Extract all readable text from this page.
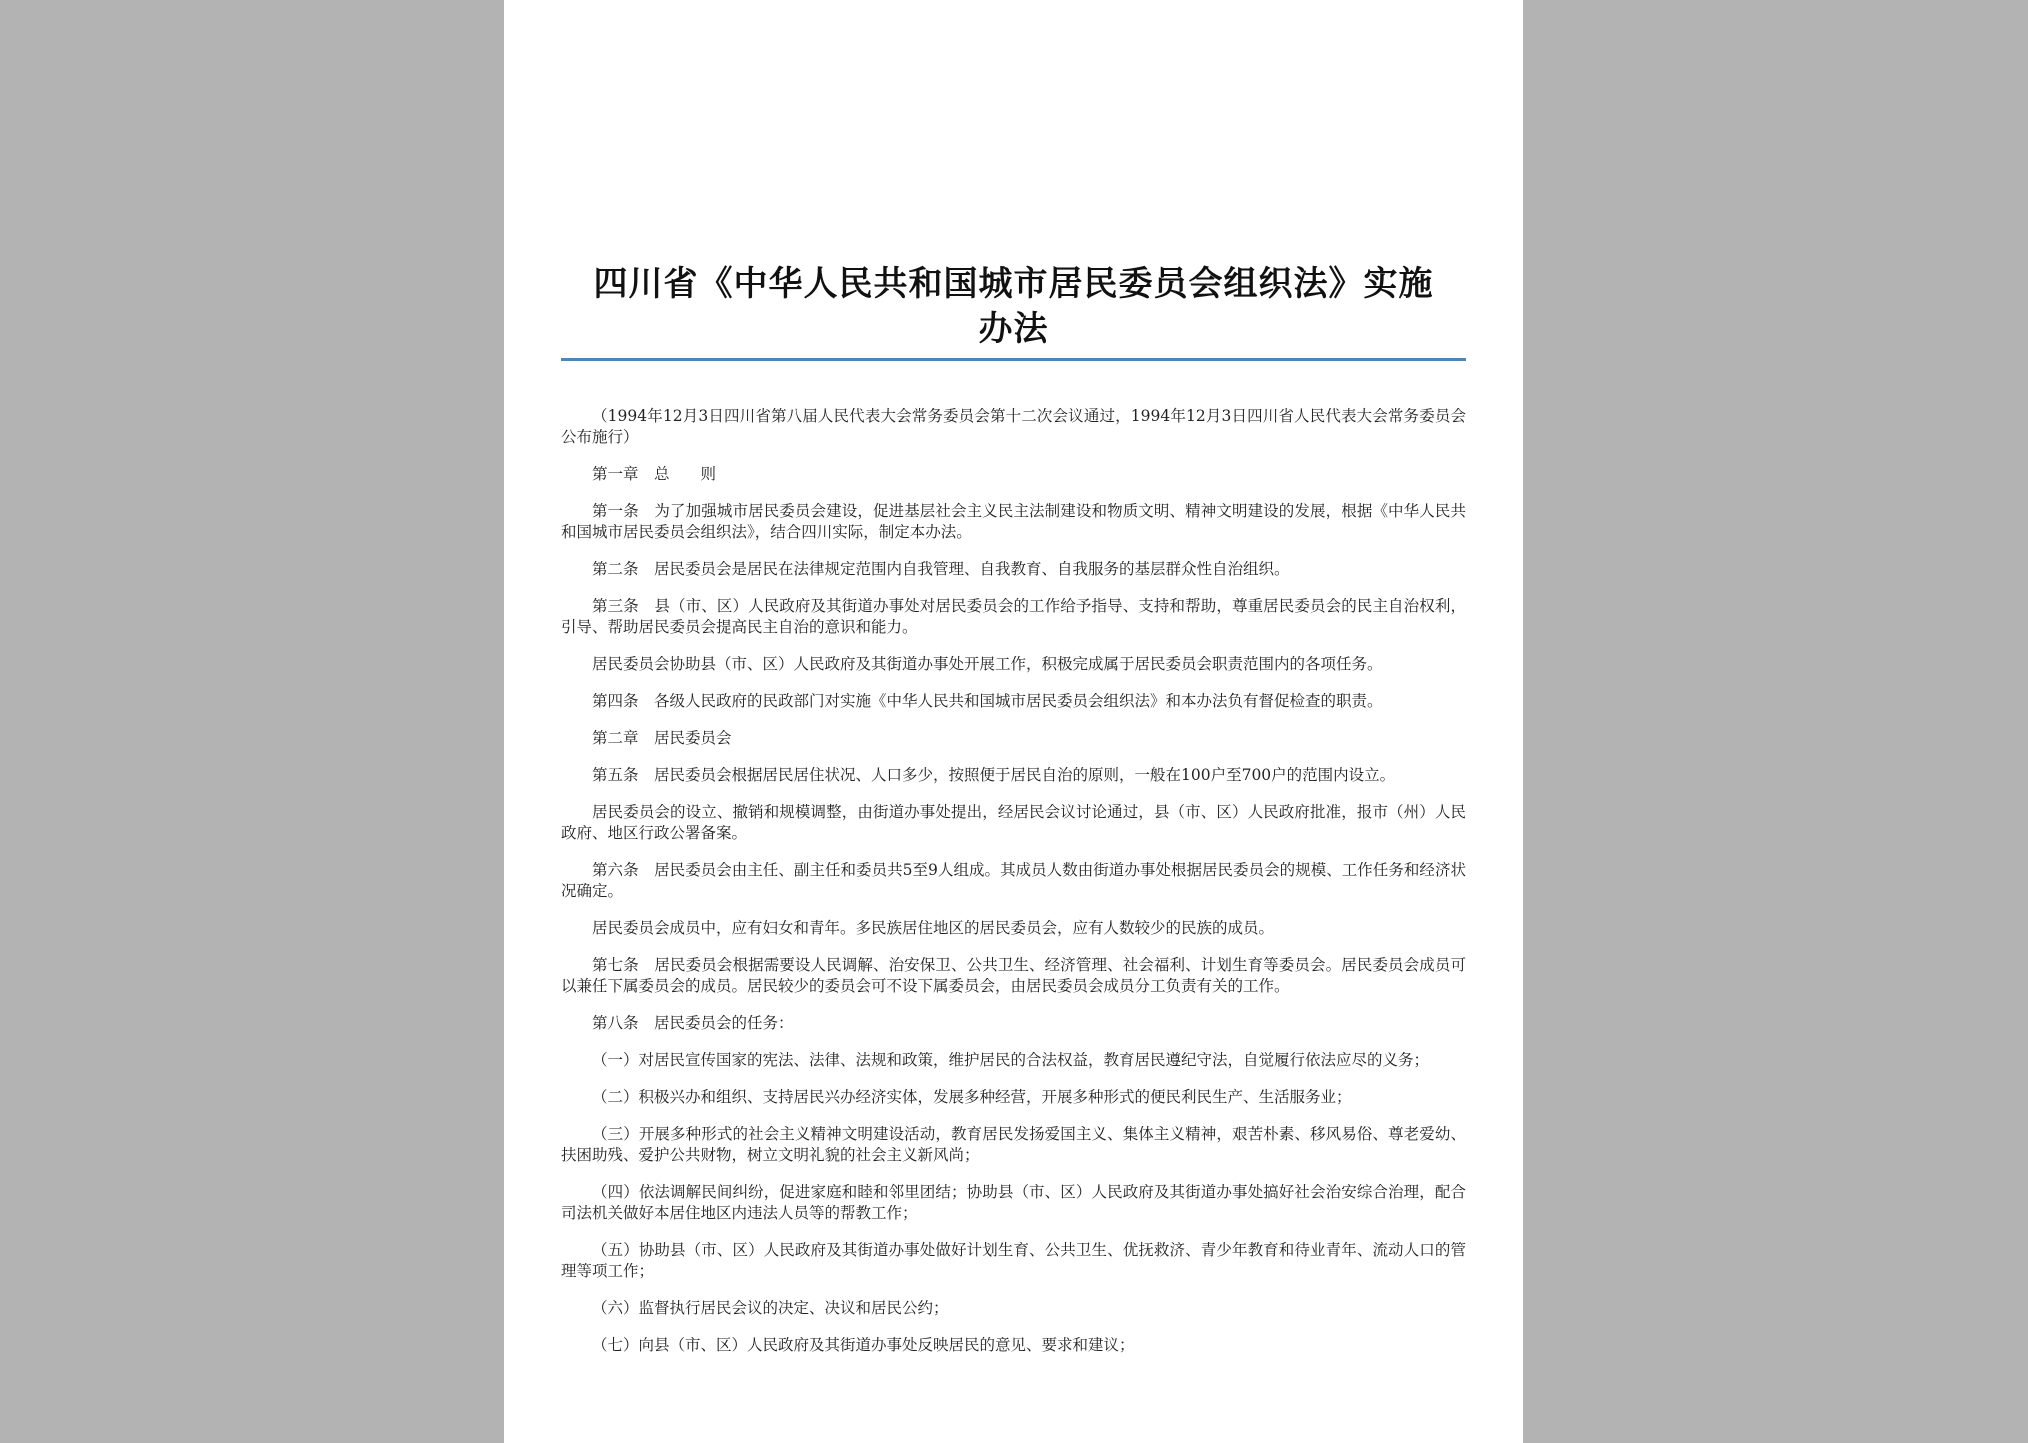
四川省《中华人民共和国城市居民委员会组织法》实施
办法

（1994年12月3日四川省第八届人民代表大会常务委员会第十二次会议通过，1994年12月3日四川省人民代表大会常务委员会公布施行）

第一章　总　　则

第一条　为了加强城市居民委员会建设，促进基层社会主义民主法制建设和物质文明、精神文明建设的发展，根据《中华人民共和国城市居民委员会组织法》，结合四川实际，制定本办法。

第二条　居民委员会是居民在法律规定范围内自我管理、自我教育、自我服务的基层群众性自治组织。

第三条　县（市、区）人民政府及其街道办事处对居民委员会的工作给予指导、支持和帮助，尊重居民委员会的民主自治权利，引导、帮助居民委员会提高民主自治的意识和能力。

居民委员会协助县（市、区）人民政府及其街道办事处开展工作，积极完成属于居民委员会职责范围内的各项任务。

第四条　各级人民政府的民政部门对实施《中华人民共和国城市居民委员会组织法》和本办法负有督促检查的职责。

第二章　居民委员会

第五条　居民委员会根据居民居住状况、人口多少，按照便于居民自治的原则，一般在100户至700户的范围内设立。

居民委员会的设立、撤销和规模调整，由街道办事处提出，经居民会议讨论通过，县（市、区）人民政府批准，报市（州）人民政府、地区行政公署备案。

第六条　居民委员会由主任、副主任和委员共5至9人组成。其成员人数由街道办事处根据居民委员会的规模、工作任务和经济状况确定。

居民委员会成员中，应有妇女和青年。多民族居住地区的居民委员会，应有人数较少的民族的成员。

第七条　居民委员会根据需要设人民调解、治安保卫、公共卫生、经济管理、社会福利、计划生育等委员会。居民委员会成员可以兼任下属委员会的成员。居民较少的委员会可不设下属委员会，由居民委员会成员分工负责有关的工作。

第八条　居民委员会的任务：

（一）对居民宣传国家的宪法、法律、法规和政策，维护居民的合法权益，教育居民遵纪守法，自觉履行依法应尽的义务；

（二）积极兴办和组织、支持居民兴办经济实体，发展多种经营，开展多种形式的便民利民生产、生活服务业；

（三）开展多种形式的社会主义精神文明建设活动，教育居民发扬爱国主义、集体主义精神，艰苦朴素、移风易俗、尊老爱幼、扶困助残、爱护公共财物，树立文明礼貌的社会主义新风尚；

（四）依法调解民间纠纷，促进家庭和睦和邻里团结；协助县（市、区）人民政府及其街道办事处搞好社会治安综合治理，配合司法机关做好本居住地区内违法人员等的帮教工作；

（五）协助县（市、区）人民政府及其街道办事处做好计划生育、公共卫生、优抚救济、青少年教育和待业青年、流动人口的管理等项工作；

（六）监督执行居民会议的决定、决议和居民公约；

（七）向县（市、区）人民政府及其街道办事处反映居民的意见、要求和建议；
